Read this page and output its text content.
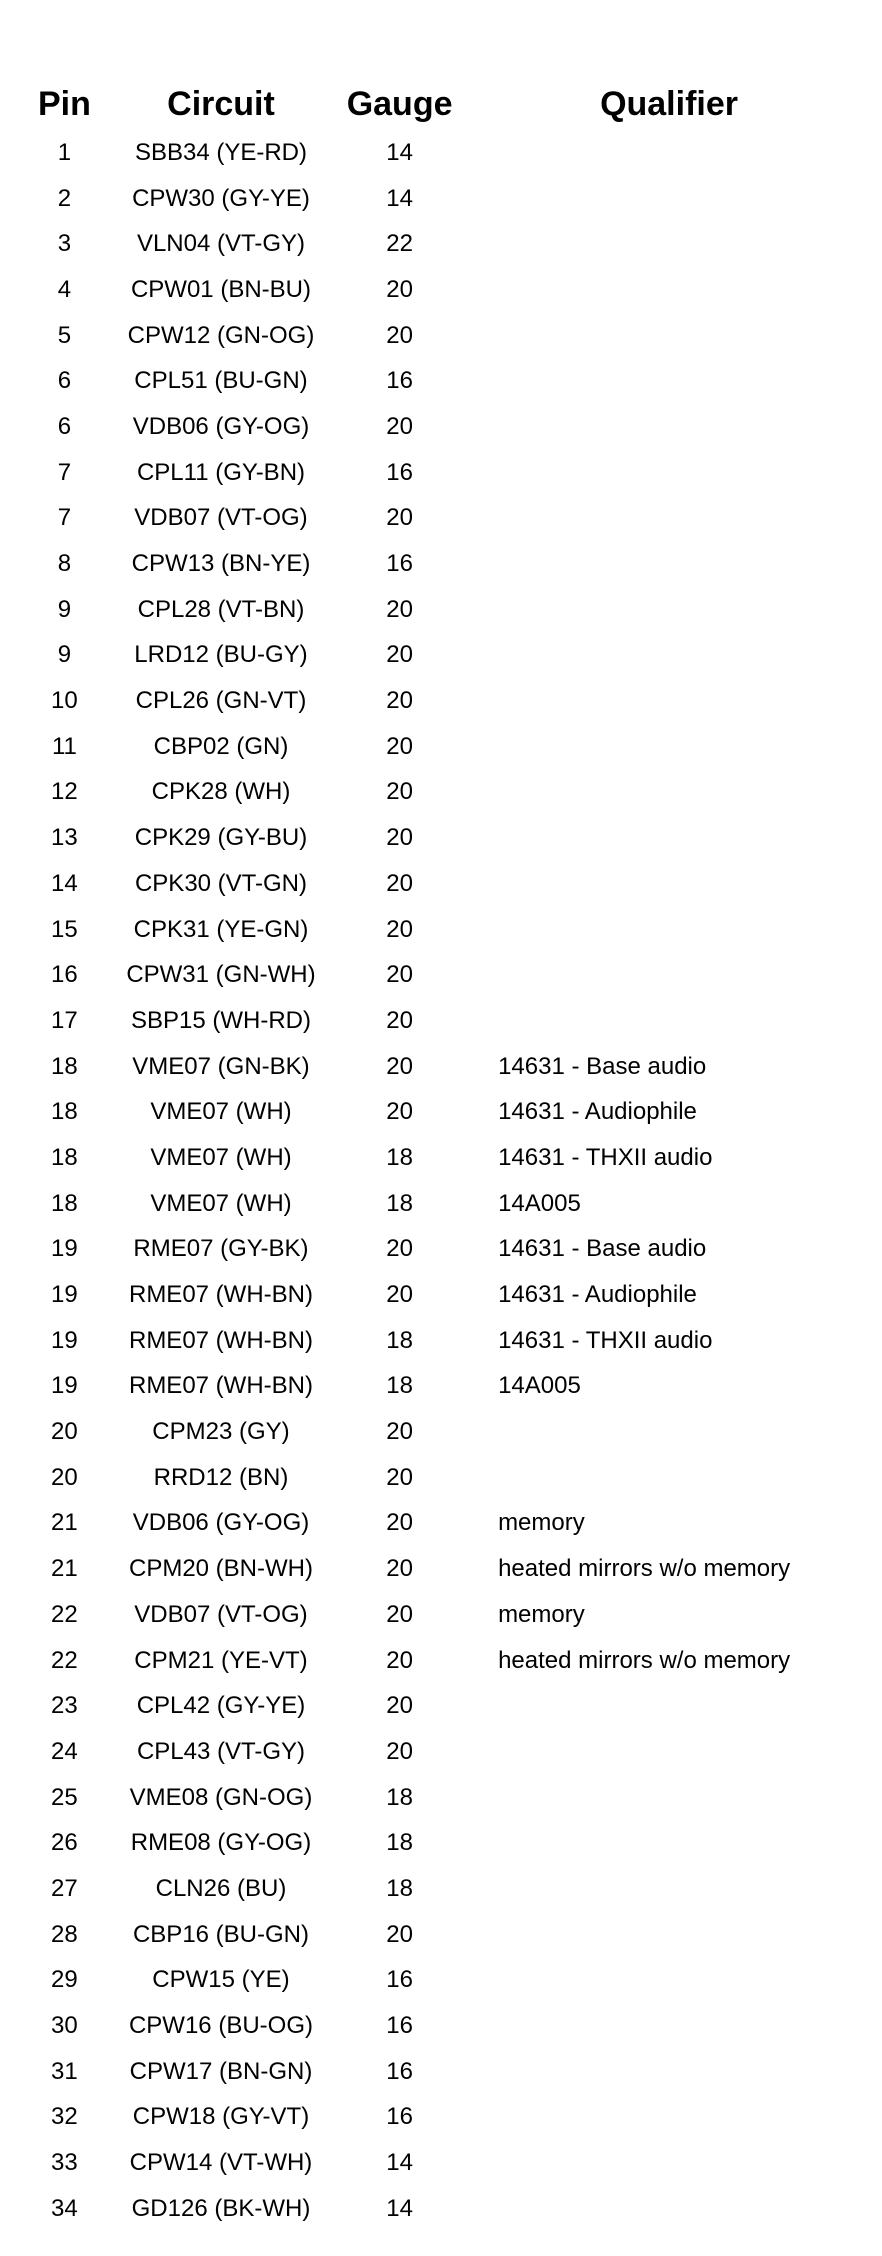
Pin	Circuit	Gauge	Qualifier
1	SBB34 (YE-RD)	14	
2	CPW30 (GY-YE)	14	
3	VLN04 (VT-GY)	22	
4	CPW01 (BN-BU)	20	
5	CPW12 (GN-OG)	20	
6	CPL51 (BU-GN)	16	
6	VDB06 (GY-OG)	20	
7	CPL11 (GY-BN)	16	
7	VDB07 (VT-OG)	20	
8	CPW13 (BN-YE)	16	
9	CPL28 (VT-BN)	20	
9	LRD12 (BU-GY)	20	
10	CPL26 (GN-VT)	20	
11	CBP02 (GN)	20	
12	CPK28 (WH)	20	
13	CPK29 (GY-BU)	20	
14	CPK30 (VT-GN)	20	
15	CPK31 (YE-GN)	20	
16	CPW31 (GN-WH)	20	
17	SBP15 (WH-RD)	20	
18	VME07 (GN-BK)	20	14631 - Base audio
18	VME07 (WH)	20	14631 - Audiophile
18	VME07 (WH)	18	14631 - THXII audio
18	VME07 (WH)	18	14A005
19	RME07 (GY-BK)	20	14631 - Base audio
19	RME07 (WH-BN)	20	14631 - Audiophile
19	RME07 (WH-BN)	18	14631 - THXII audio
19	RME07 (WH-BN)	18	14A005
20	CPM23 (GY)	20	
20	RRD12 (BN)	20	
21	VDB06 (GY-OG)	20	memory
21	CPM20 (BN-WH)	20	heated mirrors w/o memory
22	VDB07 (VT-OG)	20	memory
22	CPM21 (YE-VT)	20	heated mirrors w/o memory
23	CPL42 (GY-YE)	20	
24	CPL43 (VT-GY)	20	
25	VME08 (GN-OG)	18	
26	RME08 (GY-OG)	18	
27	CLN26 (BU)	18	
28	CBP16 (BU-GN)	20	
29	CPW15 (YE)	16	
30	CPW16 (BU-OG)	16	
31	CPW17 (BN-GN)	16	
32	CPW18 (GY-VT)	16	
33	CPW14 (VT-WH)	14	
34	GD126 (BK-WH)	14	
